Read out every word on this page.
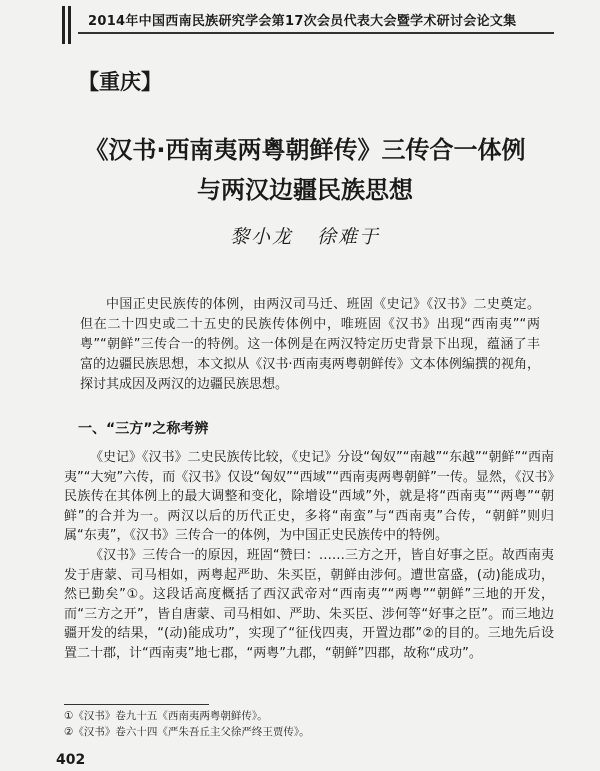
2014年中国西南民族研究学会第17次会员代表大会暨学术研讨会论文集
【重庆】
《汉书·西南夷两粤朝鲜传》三传合一体例
与两汉边疆民族思想
黎小龙 徐难于
中国正史民族传的体例，由两汉司马迁、班固《史记》《汉书》二史奠定。但在二十四史或二十五史的民族传体例中，唯班固《汉书》出现“西南夷”“两粤”“朝鲜”三传合一的特例。这一体例是在两汉特定历史背景下出现，蕴涵了丰富的边疆民族思想，本文拟从《汉书·西南夷两粤朝鲜传》文本体例编撰的视角，探讨其成因及两汉的边疆民族思想。
一、“三方”之称考辨

《史记》《汉书》二史民族传比较，《史记》分设“匈奴”“南越”“东越”“朝鲜”“西南夷”“大宛”六传，而《汉书》仅设“匈奴”“西域”“西南夷两粤朝鲜”一传。显然，《汉书》民族传在其体例上的最大调整和变化，除增设“西域”外，就是将“西南夷”“两粤”“朝鲜”的合并为一。两汉以后的历代正史，多将“南蛮”与“西南夷”合传，“朝鲜”则归属“东夷”，《汉书》三传合一的体例，为中国正史民族传中的特例。

《汉书》三传合一的原因，班固“赞曰：……三方之开，皆自好事之臣。故西南夷发于唐蒙、司马相如，两粤起严助、朱买臣，朝鲜由涉何。遭世富盛，(动)能成功，然已勤矣”①。这段话高度概括了西汉武帝对“西南夷”“两粤”“朝鲜”三地的开发，而“三方之开”，皆自唐蒙、司马相如、严助、朱买臣、涉何等“好事之臣”。而三地边疆开发的结果，“(动)能成功”，实现了“征伐四夷，开置边郡”②的目的。三地先后设置二十郡，计“西南夷”地七郡，“两粤”九郡，“朝鲜”四郡，故称“成功”。

①《汉书》卷九十五《西南夷两粤朝鲜传》。
②《汉书》卷六十四《严朱吾丘主父徐严终王贾传》。
402
